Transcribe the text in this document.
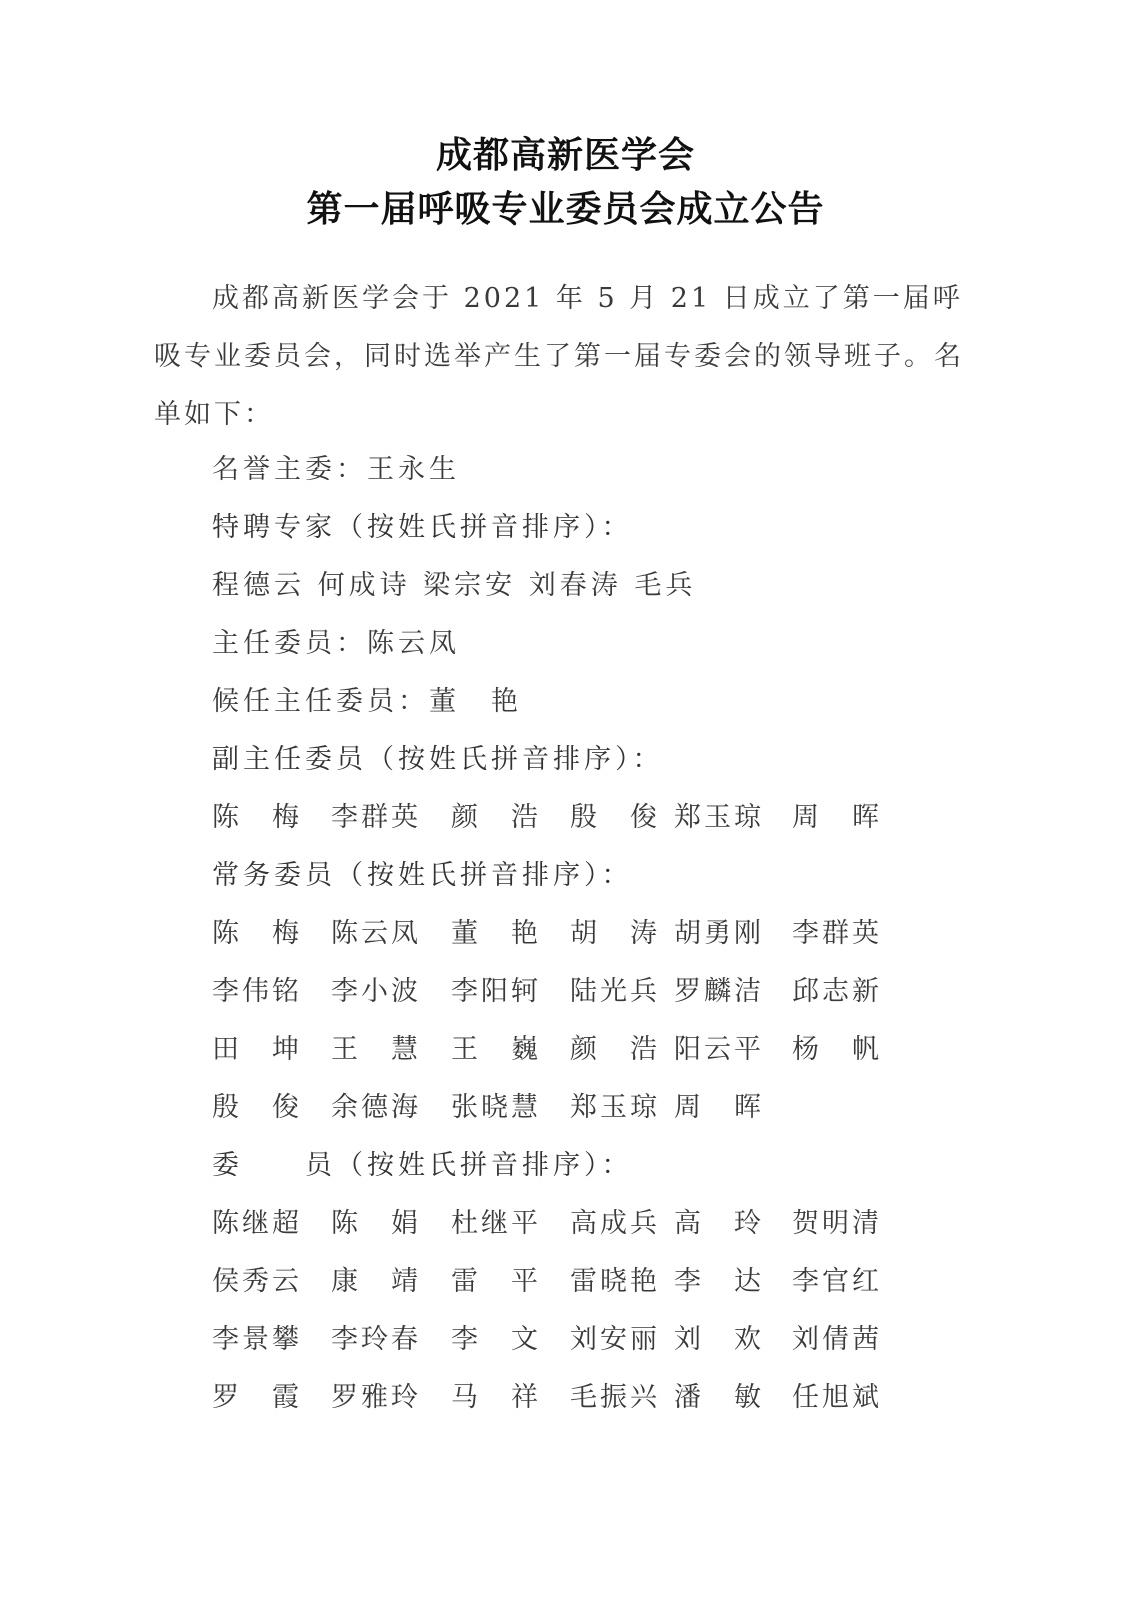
成都高新医学会
第一届呼吸专业委员会成立公告
成都高新医学会于 2021 年 5 月 21 日成立了第一届呼吸专业委员会，同时选举产生了第一届专委会的领导班子。名单如下：
名誉主委：王永生
特聘专家（按姓氏拼音排序）：
程德云 何成诗 梁宗安 刘春涛 毛兵
主任委员：陈云凤
候任主任委员：董　艳
副主任委员（按姓氏拼音排序）：
陈　梅 李群英 颜　浩 殷　俊 郑玉琼 周　晖
常务委员（按姓氏拼音排序）：
陈　梅 陈云凤 董　艳 胡　涛 胡勇刚 李群英
李伟铭 李小波 李阳轲 陆光兵 罗麟洁 邱志新
田　坤 王　慧 王　巍 颜　浩 阳云平 杨　帆
殷　俊 余德海 张晓慧 郑玉琼 周　晖
委　　员（按姓氏拼音排序）：
陈继超 陈　娟 杜继平 高成兵 高　玲 贺明清
侯秀云 康　靖 雷　平 雷晓艳 李　达 李官红
李景攀 李玲春 李　文 刘安丽 刘　欢 刘倩茜
罗　霞 罗雅玲 马　祥 毛振兴 潘　敏 任旭斌
